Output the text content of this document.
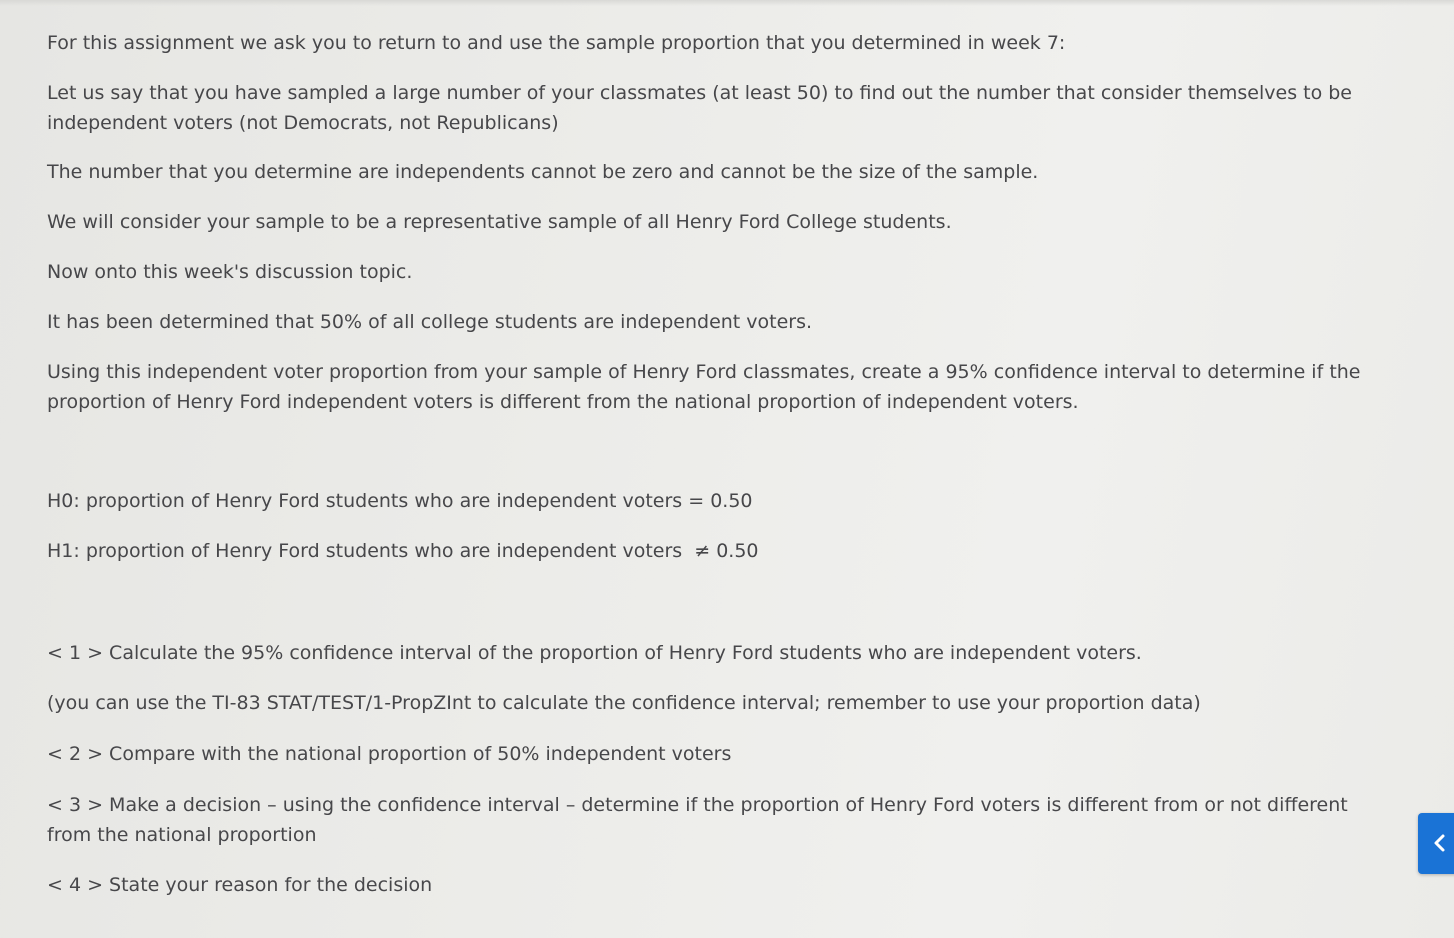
For this assignment we ask you to return to and use the sample proportion that you determined in week 7:
Let us say that you have sampled a large number of your classmates (at least 50) to find out the number that consider themselves to be independent voters (not Democrats, not Republicans)
The number that you determine are independents cannot be zero and cannot be the size of the sample.
We will consider your sample to be a representative sample of all Henry Ford College students.
Now onto this week's discussion topic.
It has been determined that 50% of all college students are independent voters.
Using this independent voter proportion from your sample of Henry Ford classmates, create a 95% confidence interval to determine if the proportion of Henry Ford independent voters is different from the national proportion of independent voters.
H0: proportion of Henry Ford students who are independent voters = 0.50
H1: proportion of Henry Ford students who are independent voters ≠ 0.50
< 1 > Calculate the 95% confidence interval of the proportion of Henry Ford students who are independent voters.
(you can use the TI-83 STAT/TEST/1-PropZInt to calculate the confidence interval; remember to use your proportion data)
< 2 > Compare with the national proportion of 50% independent voters
< 3 > Make a decision – using the confidence interval – determine if the proportion of Henry Ford voters is different from or not different from the national proportion
< 4 > State your reason for the decision
